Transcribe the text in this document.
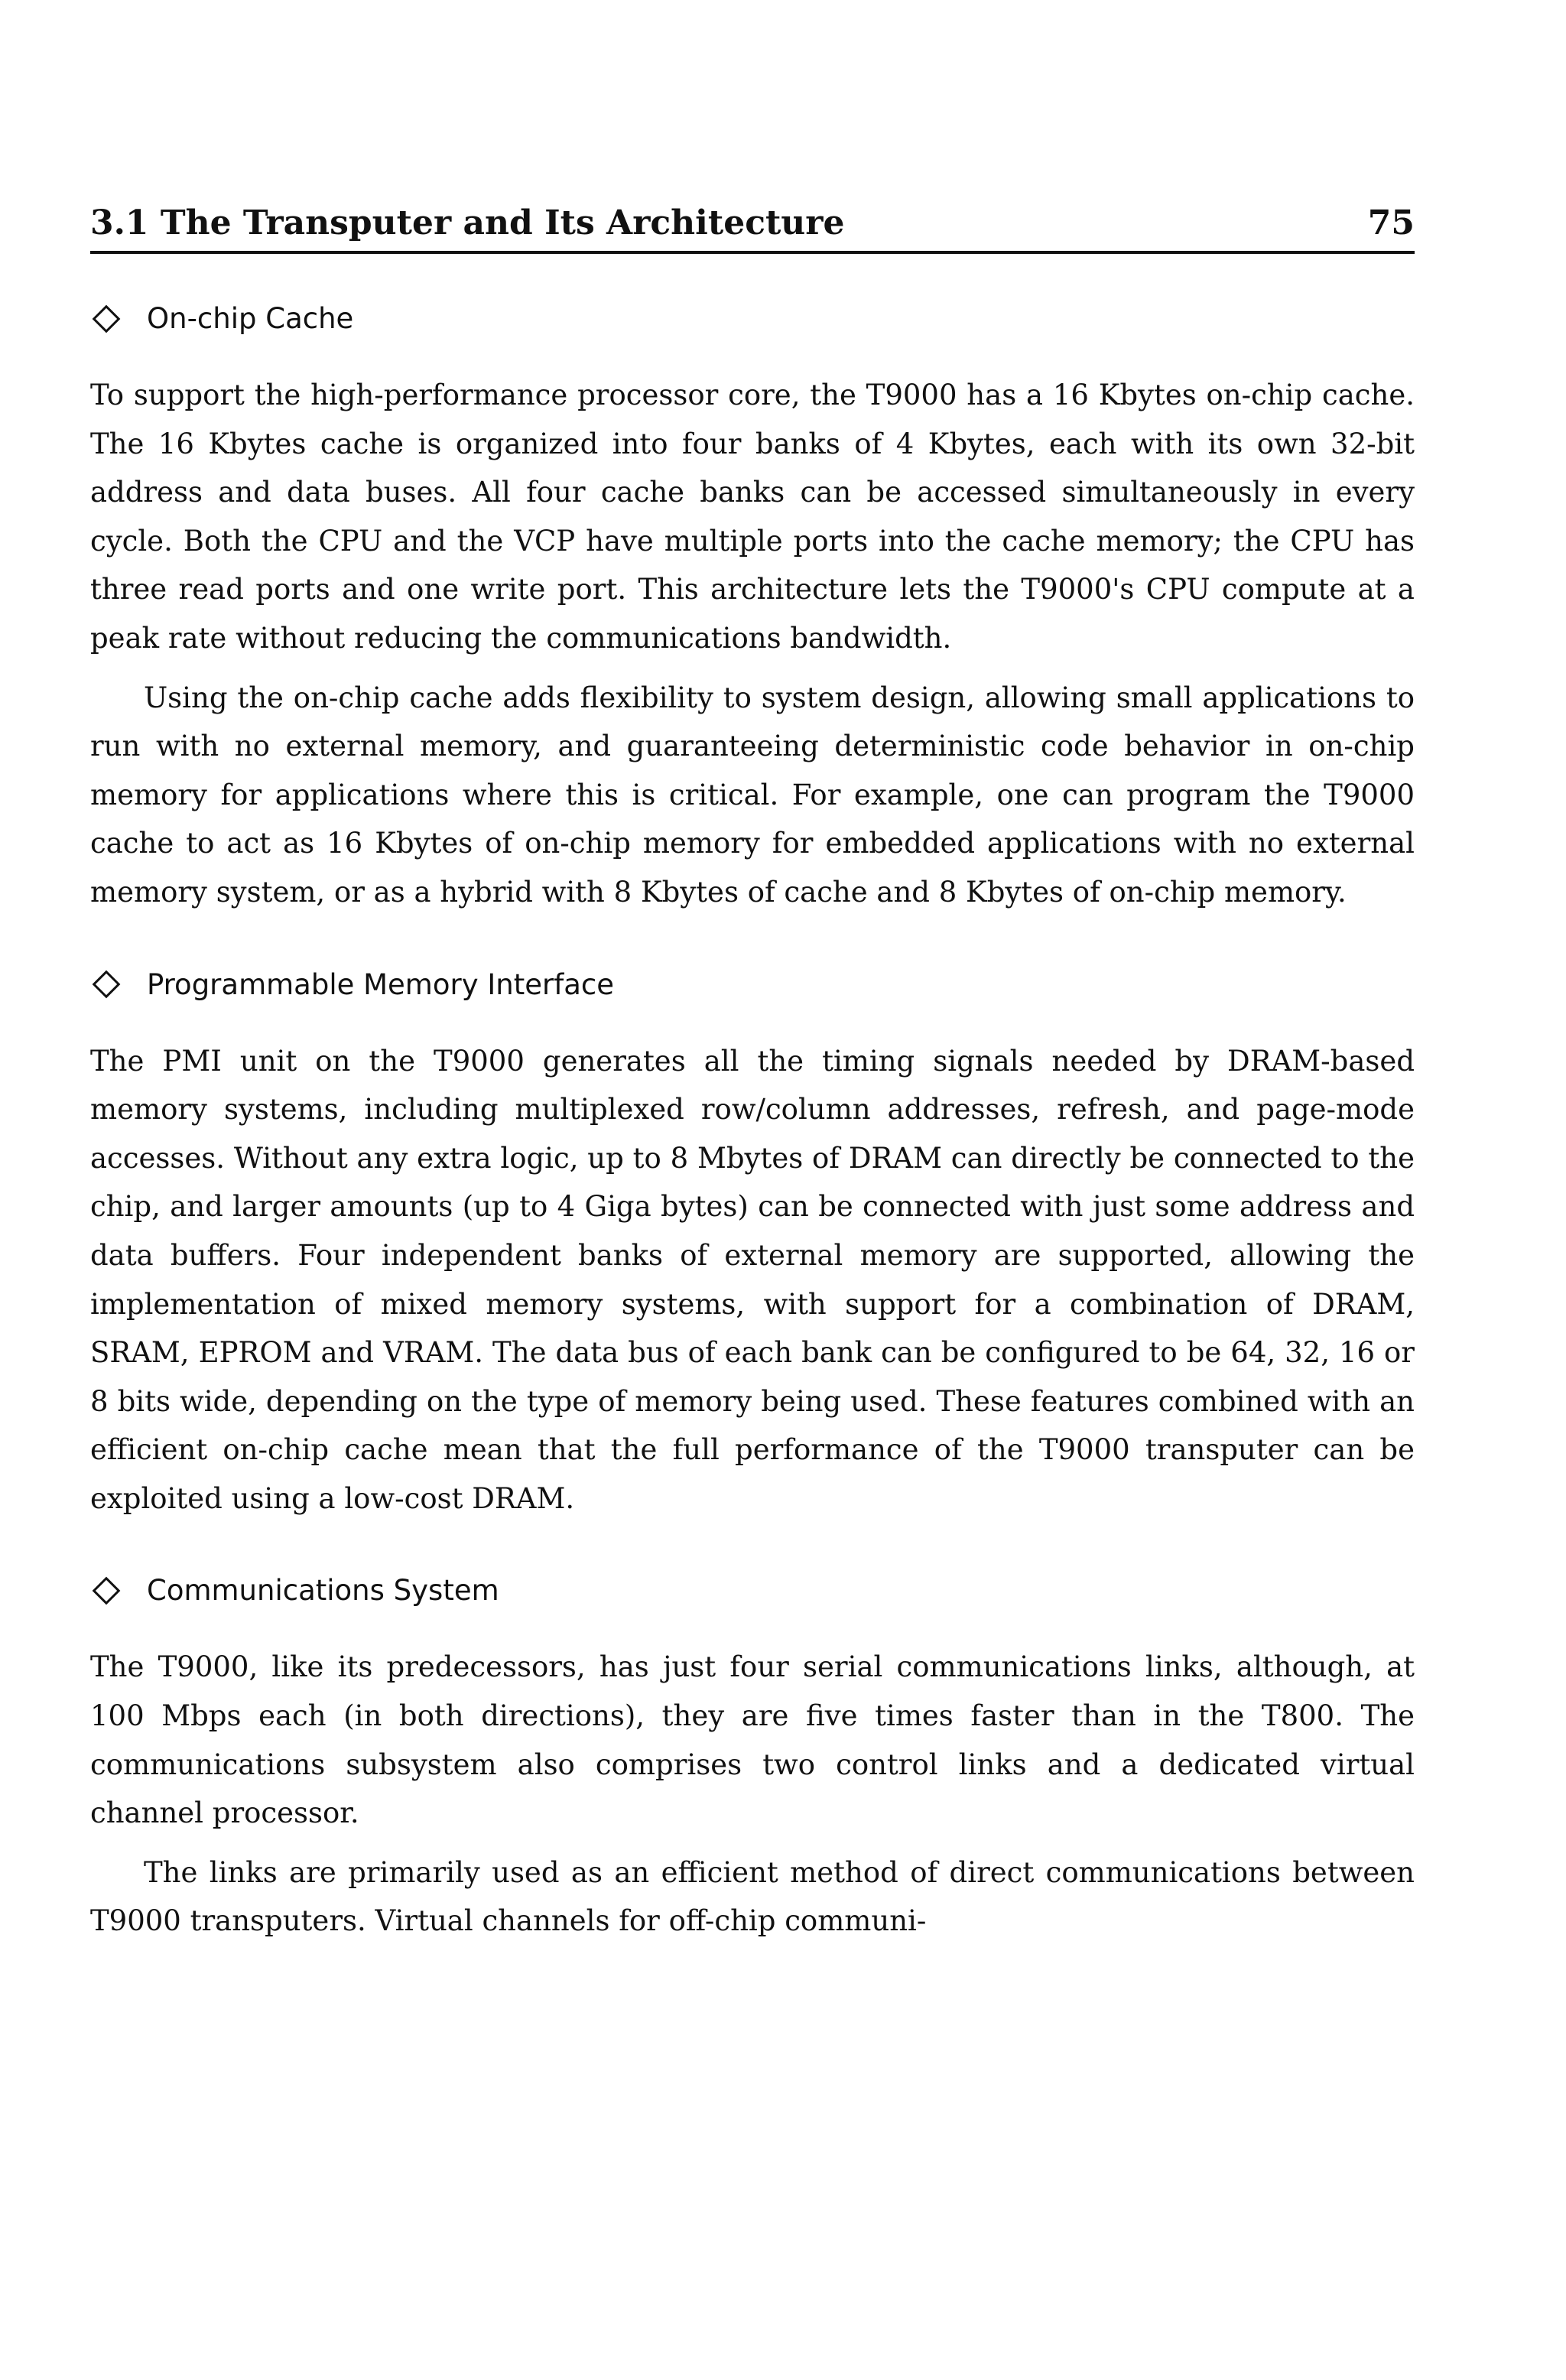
3.1 The Transputer and Its Architecture	75
On-chip Cache

To support the high-performance processor core, the T9000 has a 16 Kbytes on-chip cache. The 16 Kbytes cache is organized into four banks of 4 Kbytes, each with its own 32-bit address and data buses. All four cache banks can be accessed simultaneously in every cycle. Both the CPU and the VCP have multiple ports into the cache memory; the CPU has three read ports and one write port. This architecture lets the T9000's CPU compute at a peak rate without reducing the communications bandwidth.

Using the on-chip cache adds flexibility to system design, allowing small applications to run with no external memory, and guaranteeing deterministic code behavior in on-chip memory for applications where this is critical. For example, one can program the T9000 cache to act as 16 Kbytes of on-chip memory for embedded applications with no external memory system, or as a hybrid with 8 Kbytes of cache and 8 Kbytes of on-chip memory.

Programmable Memory Interface

The PMI unit on the T9000 generates all the timing signals needed by DRAM-based memory systems, including multiplexed row/column addresses, refresh, and page-mode accesses. Without any extra logic, up to 8 Mbytes of DRAM can directly be connected to the chip, and larger amounts (up to 4 Giga bytes) can be connected with just some address and data buffers. Four independent banks of external memory are supported, allowing the implementation of mixed memory systems, with support for a combination of DRAM, SRAM, EPROM and VRAM. The data bus of each bank can be configured to be 64, 32, 16 or 8 bits wide, depending on the type of memory being used. These features combined with an efficient on-chip cache mean that the full performance of the T9000 transputer can be exploited using a low-cost DRAM.

Communications System

The T9000, like its predecessors, has just four serial communications links, although, at 100 Mbps each (in both directions), they are five times faster than in the T800. The communications subsystem also comprises two control links and a dedicated virtual channel processor.

The links are primarily used as an efficient method of direct communications between T9000 transputers. Virtual channels for off-chip communi-
